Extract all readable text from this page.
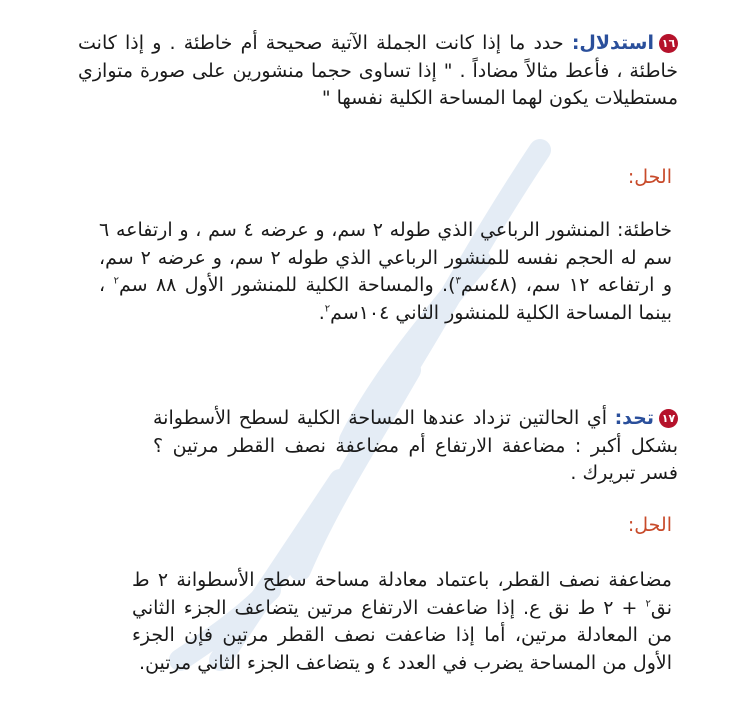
١٦استدلال: حدد ما إذا كانت الجملة الآتية صحيحة أم خاطئة . و إذا كانت خاطئة ، فأعط مثالاً مضاداً . " إذا تساوى حجما منشورين على صورة متوازي مستطيلات يكون لهما المساحة الكلية نفسها "
الحل:
خاطئة: المنشور الرباعي الذي طوله ٢ سم، و عرضه ٤ سم ، و ارتفاعه ٦ سم له الحجم نفسه للمنشور الرباعي الذي طوله ٢ سم، و عرضه ٢ سم، و ارتفاعه ١٢ سم، (٤٨سم$^٣$). والمساحة الكلية للمنشور الأول ٨٨ سم$^٢$ ، بينما المساحة الكلية للمنشور الثاني ١٠٤سم$^٢$.
١٧تحد: أي الحالتين تزداد عندها المساحة الكلية لسطح الأسطوانة بشكل أكبر : مضاعفة الارتفاع أم مضاعفة نصف القطر مرتين ؟ فسر تبريرك .
الحل:
مضاعفة نصف القطر، باعتماد معادلة مساحة سطح الأسطوانة ٢ ط نق$^٢$ + ٢ ط نق ع. إذا ضاعفت الارتفاع مرتين يتضاعف الجزء الثاني من المعادلة مرتين، أما إذا ضاعفت نصف القطر مرتين فإن الجزء الأول من المساحة يضرب في العدد ٤ و يتضاعف الجزء الثاني مرتين.
